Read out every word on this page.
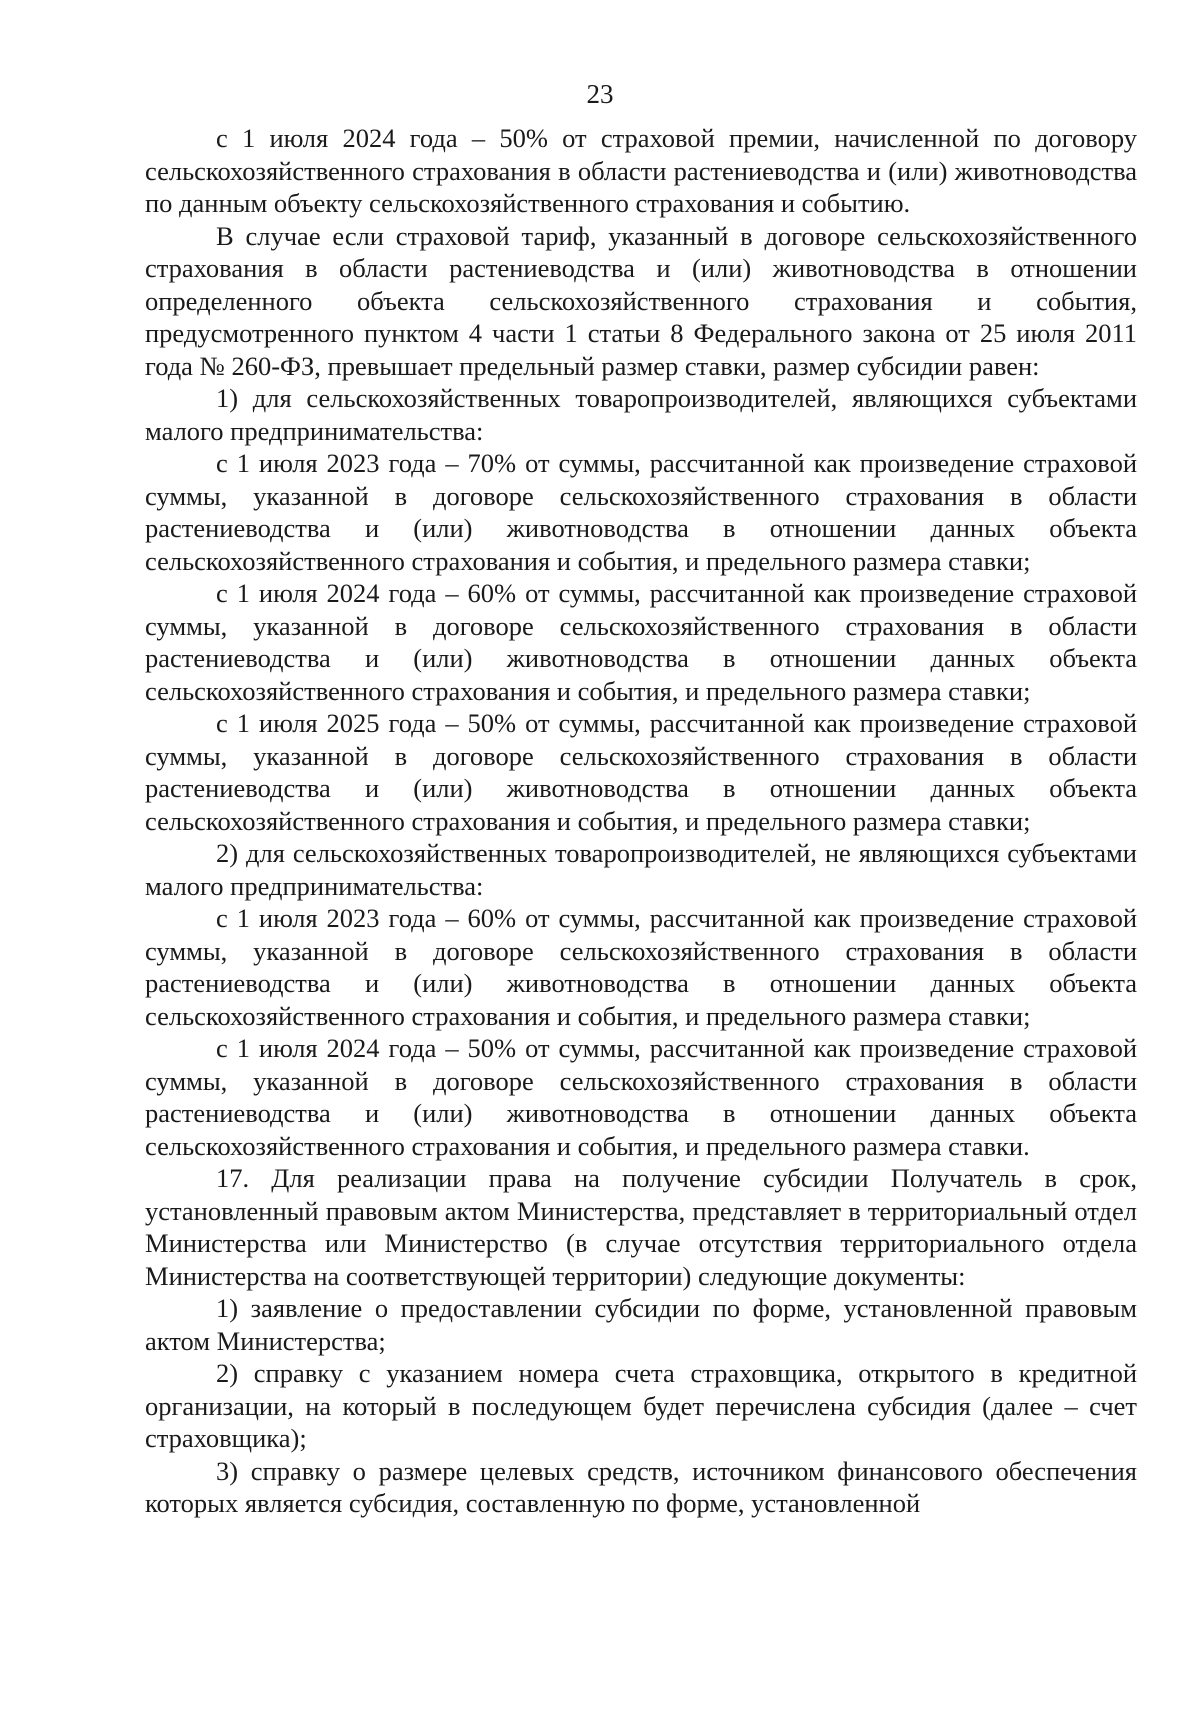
23

с 1 июля 2024 года – 50% от страховой премии, начисленной по договору сельскохозяйственного страхования в области растениеводства и (или) животноводства по данным объекту сельскохозяйственного страхования и событию.

В случае если страховой тариф, указанный в договоре сельскохозяйственного страхования в области растениеводства и (или) животноводства в отношении определенного объекта сельскохозяйственного страхования и события, предусмотренного пунктом 4 части 1 статьи 8 Федерального закона от 25 июля 2011 года № 260-ФЗ, превышает предельный размер ставки, размер субсидии равен:

1) для сельскохозяйственных товаропроизводителей, являющихся субъектами малого предпринимательства:

с 1 июля 2023 года – 70% от суммы, рассчитанной как произведение страховой суммы, указанной в договоре сельскохозяйственного страхования в области растениеводства и (или) животноводства в отношении данных объекта сельскохозяйственного страхования и события, и предельного размера ставки;

с 1 июля 2024 года – 60% от суммы, рассчитанной как произведение страховой суммы, указанной в договоре сельскохозяйственного страхования в области растениеводства и (или) животноводства в отношении данных объекта сельскохозяйственного страхования и события, и предельного размера ставки;

с 1 июля 2025 года – 50% от суммы, рассчитанной как произведение страховой суммы, указанной в договоре сельскохозяйственного страхования в области растениеводства и (или) животноводства в отношении данных объекта сельскохозяйственного страхования и события, и предельного размера ставки;

2) для сельскохозяйственных товаропроизводителей, не являющихся субъектами малого предпринимательства:

с 1 июля 2023 года – 60% от суммы, рассчитанной как произведение страховой суммы, указанной в договоре сельскохозяйственного страхования в области растениеводства и (или) животноводства в отношении данных объекта сельскохозяйственного страхования и события, и предельного размера ставки;

с 1 июля 2024 года – 50% от суммы, рассчитанной как произведение страховой суммы, указанной в договоре сельскохозяйственного страхования в области растениеводства и (или) животноводства в отношении данных объекта сельскохозяйственного страхования и события, и предельного размера ставки.

17. Для реализации права на получение субсидии Получатель в срок, установленный правовым актом Министерства, представляет в территориальный отдел Министерства или Министерство (в случае отсутствия территориального отдела Министерства на соответствующей территории) следующие документы:

1) заявление о предоставлении субсидии по форме, установленной правовым актом Министерства;

2) справку с указанием номера счета страховщика, открытого в кредитной организации, на который в последующем будет перечислена субсидия (далее – счет страховщика);

3) справку о размере целевых средств, источником финансового обеспечения которых является субсидия, составленную по форме, установленной
